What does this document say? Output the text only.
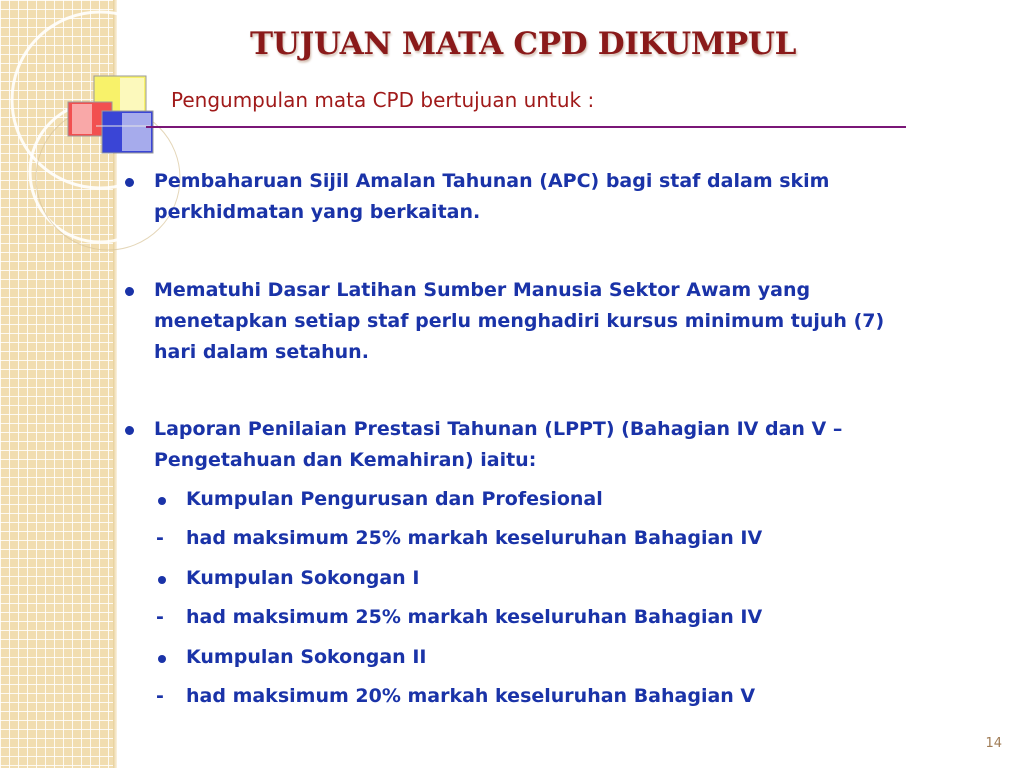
TUJUAN MATA CPD DIKUMPUL
Pengumpulan mata CPD bertujuan untuk :
Pembaharuan Sijil Amalan Tahunan (APC) bagi staf dalam skim
perkhidmatan yang berkaitan.
Mematuhi Dasar Latihan Sumber Manusia Sektor Awam yang
menetapkan setiap staf perlu menghadiri kursus minimum tujuh (7)
hari dalam setahun.
Laporan Penilaian Prestasi Tahunan (LPPT) (Bahagian IV dan V –
Pengetahuan dan Kemahiran) iaitu:
Kumpulan Pengurusan dan Profesional
- had maksimum 25% markah keseluruhan Bahagian IV
Kumpulan Sokongan I
- had maksimum 25% markah keseluruhan Bahagian IV
Kumpulan Sokongan II
- had maksimum 20% markah keseluruhan Bahagian V
14
